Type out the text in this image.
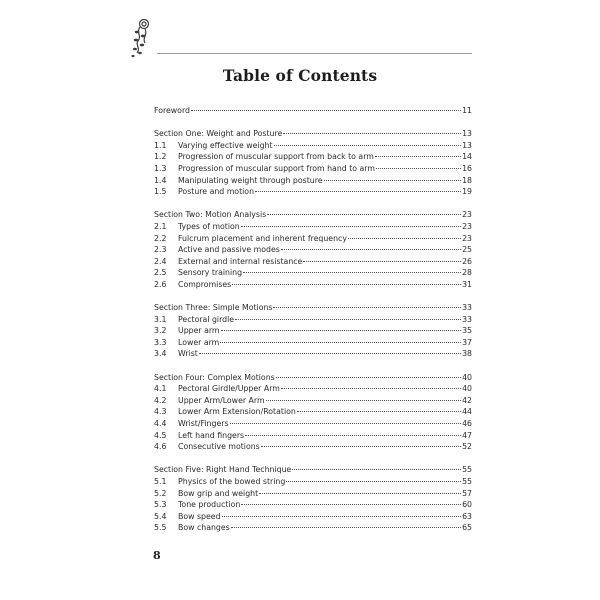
Table of Contents
Foreword	11
Section One: Weight and Posture	13
1.1	Varying effective weight	13
1.2	Progression of muscular support from back to arm	14
1.3	Progression of muscular support from hand to arm	16
1.4	Manipulating weight through posture	18
1.5	Posture and motion	19
Section Two: Motion Analysis	23
2.1	Types of motion	23
2.2	Fulcrum placement and inherent frequency	23
2.3	Active and passive modes	25
2.4	External and internal resistance	26
2.5	Sensory training	28
2.6	Compromises	31
Section Three: Simple Motions	33
3.1	Pectoral girdle	33
3.2	Upper arm	35
3.3	Lower arm	37
3.4	Wrist	38
Section Four: Complex Motions	40
4.1	Pectoral Girdle/Upper Arm	40
4.2	Upper Arm/Lower Arm	42
4.3	Lower Arm Extension/Rotation	44
4.4	Wrist/Fingers	46
4.5	Left hand fingers	47
4.6	Consecutive motions	52
Section Five: Right Hand Technique	55
5.1	Physics of the bowed string	55
5.2	Bow grip and weight	57
5.3	Tone production	60
5.4	Bow speed	63
5.5	Bow changes	65
8
